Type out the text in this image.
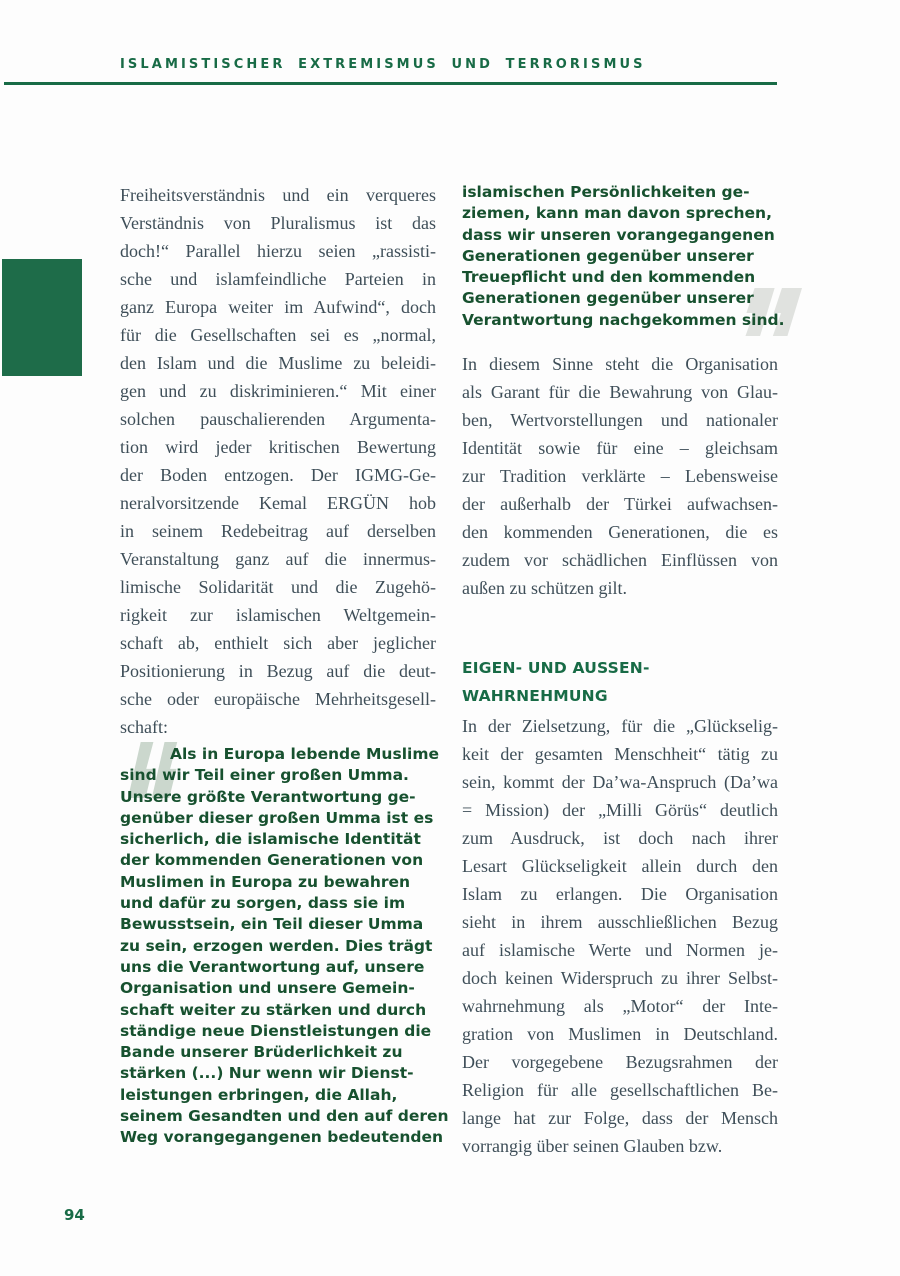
ISLAMISTISCHER EXTREMISMUS UND TERRORISMUS
Freiheitsverständnis und ein verqueres
Verständnis von Pluralismus ist das
doch!“ Parallel hierzu seien „rassisti-
sche und islamfeindliche Parteien in
ganz Europa weiter im Aufwind“, doch
für die Gesellschaften sei es „normal,
den Islam und die Muslime zu beleidi-
gen und zu diskriminieren.“ Mit einer
solchen pauschalierenden Argumenta-
tion wird jeder kritischen Bewertung
der Boden entzogen. Der IGMG-Ge-
neralvorsitzende Kemal ERGÜN hob
in seinem Redebeitrag auf derselben
Veranstaltung ganz auf die innermus-
limische Solidarität und die Zugehö-
rigkeit zur islamischen Weltgemein-
schaft ab, enthielt sich aber jeglicher
Positionierung in Bezug auf die deut-
sche oder europäische Mehrheitsgesell-
schaft:
Als in Europa lebende Muslime
sind wir Teil einer großen Umma.
Unsere größte Verantwortung ge-
genüber dieser großen Umma ist es
sicherlich, die islamische Identität
der kommenden Generationen von
Muslimen in Europa zu bewahren
und dafür zu sorgen, dass sie im
Bewusstsein, ein Teil dieser Umma
zu sein, erzogen werden. Dies trägt
uns die Verantwortung auf, unsere
Organisation und unsere Gemein-
schaft weiter zu stärken und durch
ständige neue Dienstleistungen die
Bande unserer Brüderlichkeit zu
stärken (...) Nur wenn wir Dienst-
leistungen erbringen, die Allah,
seinem Gesandten und den auf deren
Weg vorangegangenen bedeutenden
islamischen Persönlichkeiten ge-
ziemen, kann man davon sprechen,
dass wir unseren vorangegangenen
Generationen gegenüber unserer
Treuepflicht und den kommenden
Generationen gegenüber unserer
Verantwortung nachgekommen sind.
In diesem Sinne steht die Organisation
als Garant für die Bewahrung von Glau-
ben, Wertvorstellungen und nationaler
Identität sowie für eine – gleichsam
zur Tradition verklärte – Lebensweise
der außerhalb der Türkei aufwachsen-
den kommenden Generationen, die es
zudem vor schädlichen Einflüssen von
außen zu schützen gilt.
EIGEN- UND AUSSEN-
WAHRNEHMUNG
In der Zielsetzung, für die „Glückselig-
keit der gesamten Menschheit“ tätig zu
sein, kommt der Da’wa-Anspruch (Da’wa
= Mission) der „Milli Görüs“ deutlich
zum Ausdruck, ist doch nach ihrer
Lesart Glückseligkeit allein durch den
Islam zu erlangen. Die Organisation
sieht in ihrem ausschließlichen Bezug
auf islamische Werte und Normen je-
doch keinen Widerspruch zu ihrer Selbst-
wahrnehmung als „Motor“ der Inte-
gration von Muslimen in Deutschland.
Der vorgegebene Bezugsrahmen der
Religion für alle gesellschaftlichen Be-
lange hat zur Folge, dass der Mensch
vorrangig über seinen Glauben bzw.
94
